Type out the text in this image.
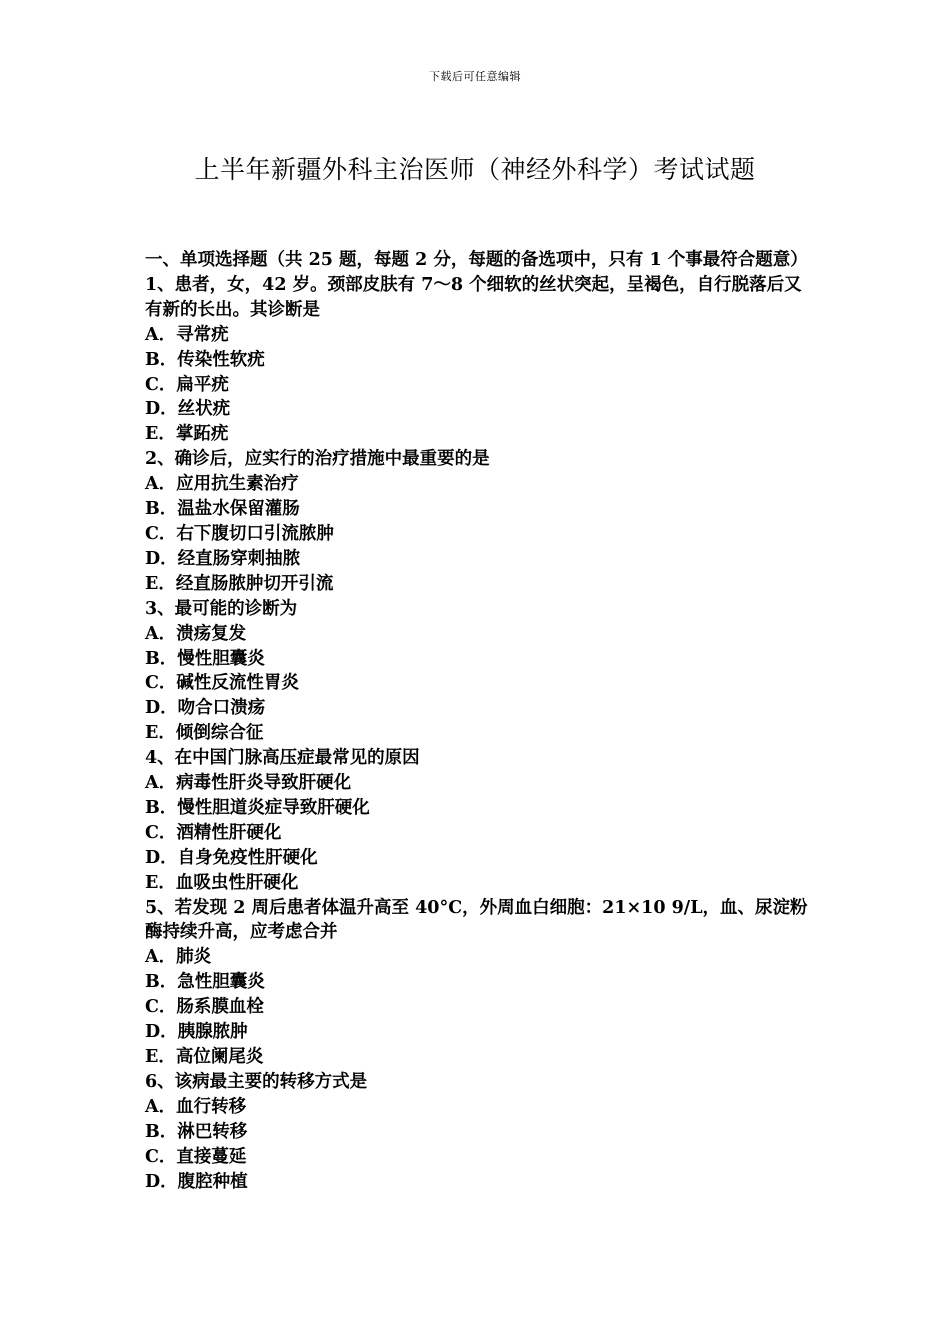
下载后可任意编辑
上半年新疆外科主治医师（神经外科学）考试试题

一、单项选择题（共 25 题，每题 2 分，每题的备选项中，只有 1 个事最符合题意）

1、患者，女，42 岁。颈部皮肤有 7～8 个细软的丝状突起，呈褐色，自行脱落后又有新的长出。其诊断是
A．寻常疣
B．传染性软疣
C．扁平疣
D．丝状疣
E．掌跖疣
2、确诊后，应实行的治疗措施中最重要的是
A．应用抗生素治疗
B．温盐水保留灌肠
C．右下腹切口引流脓肿
D．经直肠穿刺抽脓
E．经直肠脓肿切开引流
3、最可能的诊断为
A．溃疡复发
B．慢性胆囊炎
C．碱性反流性胃炎
D．吻合口溃疡
E．倾倒综合征
4、在中国门脉高压症最常见的原因
A．病毒性肝炎导致肝硬化
B．慢性胆道炎症导致肝硬化
C．酒精性肝硬化
D．自身免疫性肝硬化
E．血吸虫性肝硬化
5、若发现 2 周后患者体温升高至 40°C，外周血白细胞：21×10 9/L，血、尿淀粉酶持续升高，应考虑合并
A．肺炎
B．急性胆囊炎
C．肠系膜血栓
D．胰腺脓肿
E．高位阑尾炎
6、该病最主要的转移方式是
A．血行转移
B．淋巴转移
C．直接蔓延
D．腹腔种植
